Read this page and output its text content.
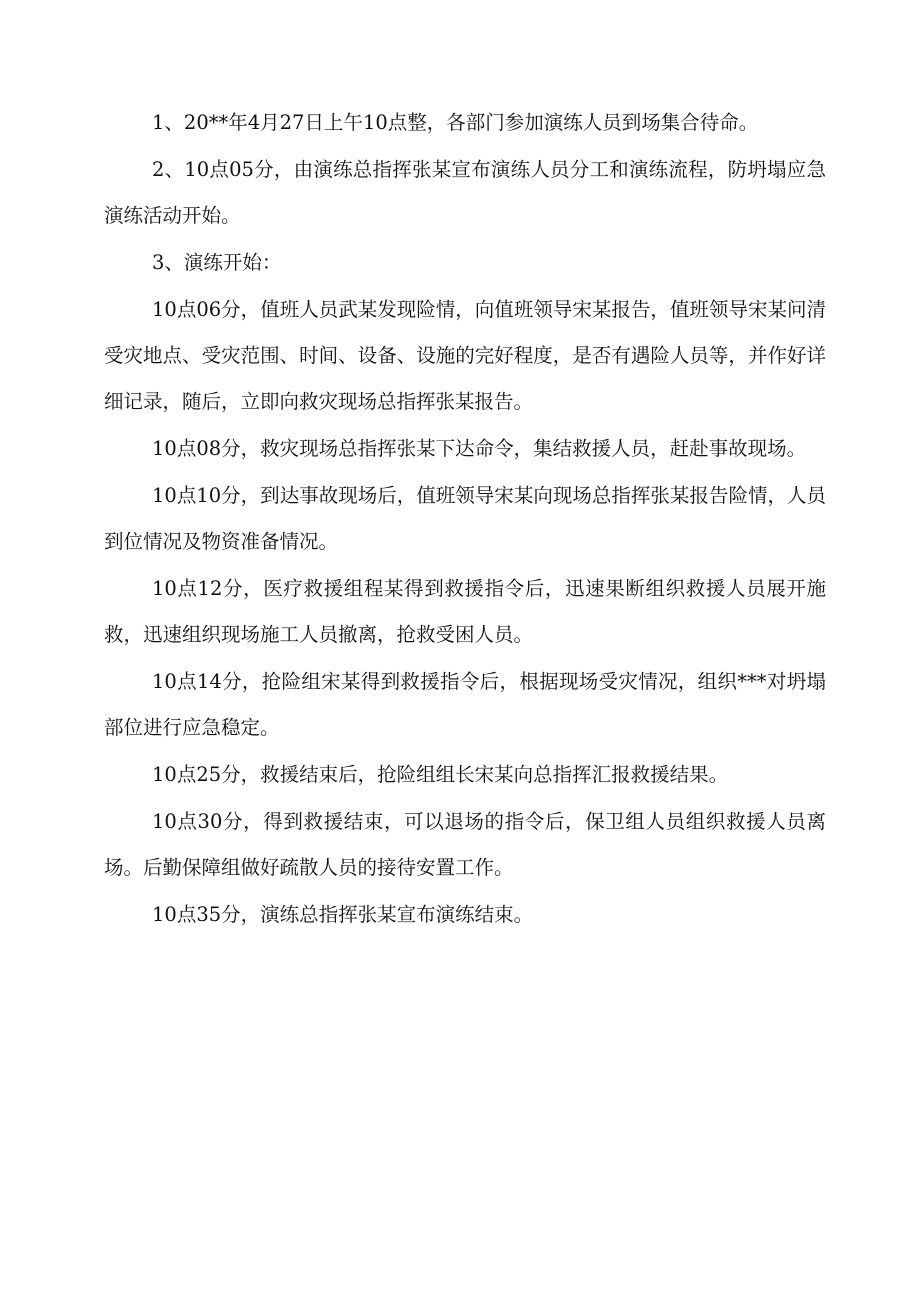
1、20**年4月27日上午10点整，各部门参加演练人员到场集合待命。

2、10点05分，由演练总指挥张某宣布演练人员分工和演练流程，防坍塌应急演练活动开始。

3、演练开始：

10点06分，值班人员武某发现险情，向值班领导宋某报告，值班领导宋某问清受灾地点、受灾范围、时间、设备、设施的完好程度，是否有遇险人员等，并作好详细记录，随后，立即向救灾现场总指挥张某报告。

10点08分，救灾现场总指挥张某下达命令，集结救援人员，赶赴事故现场。

10点10分，到达事故现场后，值班领导宋某向现场总指挥张某报告险情，人员到位情况及物资准备情况。

10点12分，医疗救援组程某得到救援指令后，迅速果断组织救援人员展开施救，迅速组织现场施工人员撤离，抢救受困人员。

10点14分，抢险组宋某得到救援指令后，根据现场受灾情况，组织***对坍塌部位进行应急稳定。

10点25分，救援结束后，抢险组组长宋某向总指挥汇报救援结果。

10点30分，得到救援结束，可以退场的指令后，保卫组人员组织救援人员离场。后勤保障组做好疏散人员的接待安置工作。

10点35分，演练总指挥张某宣布演练结束。
